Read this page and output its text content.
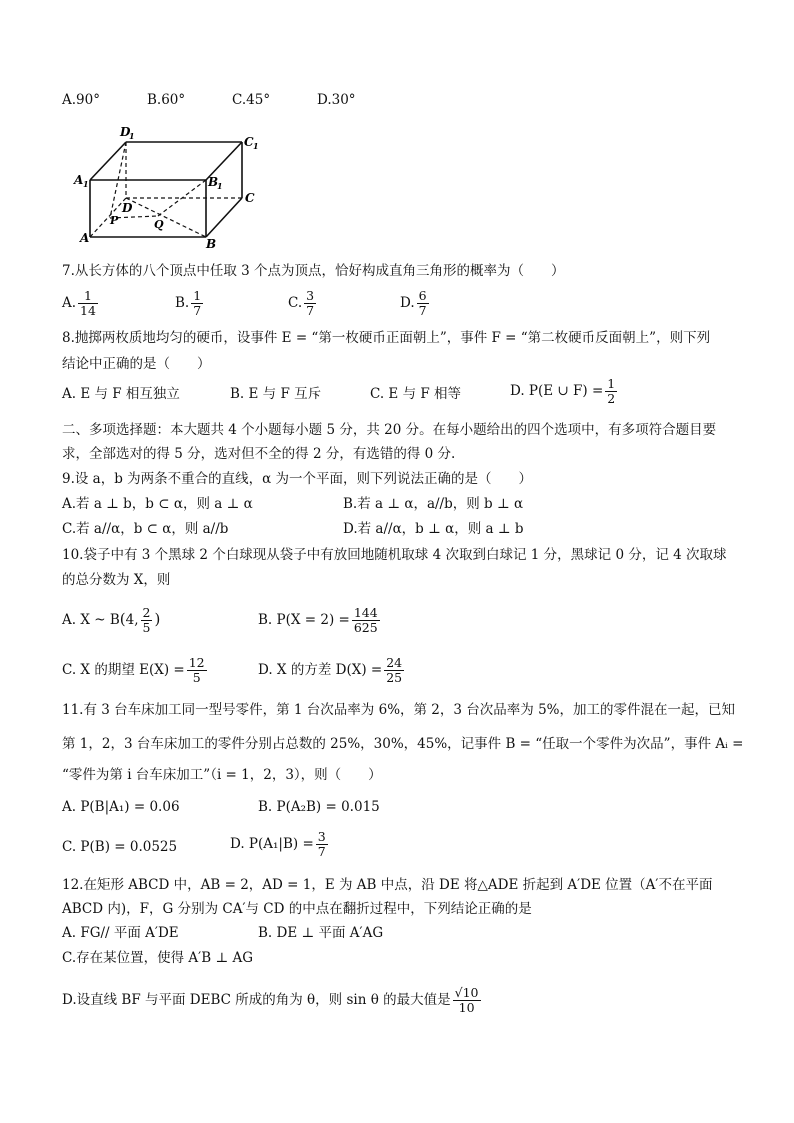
A.90°	B.60°	C.45°	D.30°
D
1	C 1
A 1	B
1
D
C
A	B
P	Q
7.从长方体的八个顶点中任取 3 个点为顶点，恰好构成直角三角形的概率为（　　）
A. $\frac{1}{14}$	B. $\frac{1}{7}$	C. $\frac{3}{7}$	D. $\frac{6}{7}$
8.抛掷两枚质地均匀的硬币，设事件 E = “第一枚硬币正面朝上”，事件 F = “第二枚硬币反面朝上”，则下列
结论中正确的是（　　）
A. E 与 F 相互独立	B. E 与 F 互斥	C. E 与 F 相等	D. P(E ∪ $F) = \frac{1}{2}$
二、多项选择题：本大题共 4 个小题每小题 5 分，共 20 分。在每小题给出的四个选项中，有多项符合题目要
求，全部选对的得 5 分，选对但不全的得 2 分，有选错的得 0 分.
9.设 a，b 为两条不重合的直线，α 为一个平面，则下列说法正确的是（　　）
A.若 a ⊥ b，b ⊂ α，则 a ⊥ α	B.若 a ⊥ α，a//b，则 b ⊥ α
C.若 a//α，b ⊂ α，则 a//b	D.若 a//α，b ⊥ α，则 a ⊥ b
10.袋子中有 3 个黑球 2 个白球现从袋子中有放回地随机取球 4 次取到白球记 1 分，黑球记 0 分，记 4 次取球
的总分数为 X，则
A. X ~ B(4, $\frac{2}{5}$ )	B. $P(X = 2) = \frac{144}{625}$
C. X 的期望 $E(X) = \frac{12}{5}$	D. X 的方差 $D(X) = \frac{24}{25}$
11.有 3 台车床加工同一型号零件，第 1 台次品率为 6%，第 2，3 台次品率为 5%，加工的零件混在一起，已知
第 1，2，3 台车床加工的零件分别占总数的 25%，30%，45%，记事件 B = “任取一个零件为次品”，事件 Aᵢ =
“零件为第 i 台车床加工”（i = 1，2，3），则（　　）
A. P(B|A₁) = 0.06	B. P(A₂B) = 0.015
C. P(B) = 0.0525	D. $P(A_1|B) = \frac{3}{7}$
12.在矩形 ABCD 中，AB = 2，AD = 1，E 为 AB 中点，沿 DE 将△ADE 折起到 A′DE 位置（A′不在平面
ABCD 内)，F，G 分别为 CA′与 CD 的中点在翻折过程中，下列结论正确的是
A. FG// 平面 A′DE	B. DE ⊥ 平面 A′AG
C.存在某位置，使得 A′B ⊥ AG
D.设直线 BF 与平面 DEBC 所成的角为 θ，则 sin θ 的最大值是 $\frac{√10}{10}$
